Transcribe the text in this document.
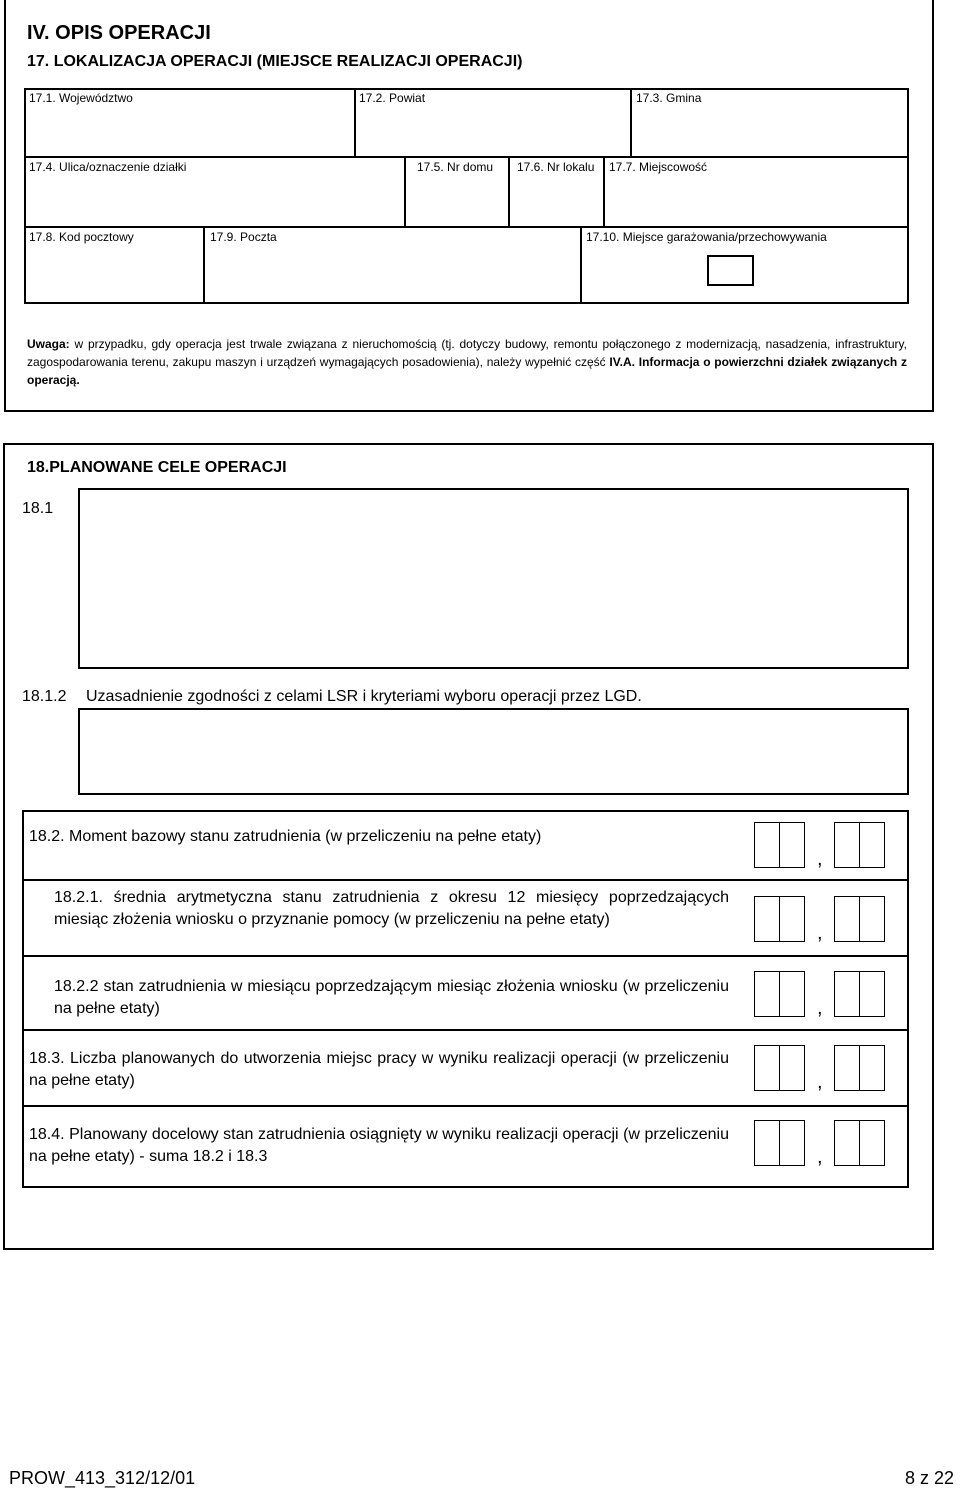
IV. OPIS OPERACJI
17. LOKALIZACJA OPERACJI (MIEJSCE REALIZACJI OPERACJI)
17.1. Województwo	17.2. Powiat	17.3. Gmina
17.4. Ulica/oznaczenie działki	17.5. Nr domu 17.6. Nr lokalu 17.7. Miejscowość
17.8. Kod pocztowy	17.9. Poczta	17.10. Miejsce garażowania/przechowywania
Uwaga: w przypadku, gdy operacja jest trwale związana z nieruchomością (tj. dotyczy budowy, remontu połączonego z modernizacją, nasadzenia, infrastruktury, zagospodarowania terenu, zakupu maszyn i urządzeń wymagających posadowienia), należy wypełnić część IV.A. Informacja o powierzchni działek związanych z operacją.
18.PLANOWANE CELE OPERACJI
18.1
18.1.2 Uzasadnienie zgodności z celami LSR i kryteriami wyboru operacji przez LGD.
18.2. Moment bazowy stanu zatrudnienia (w przeliczeniu na pełne etaty)
18.2.1. średnia arytmetyczna stanu zatrudnienia z okresu 12 miesięcy poprzedzających miesiąc złożenia wniosku o przyznanie pomocy (w przeliczeniu na pełne etaty)
18.2.2 stan zatrudnienia w miesiącu poprzedzającym miesiąc złożenia wniosku (w przeliczeniu na pełne etaty)
18.3. Liczba planowanych do utworzenia miejsc pracy w wyniku realizacji operacji (w przeliczeniu na pełne etaty)
18.4. Planowany docelowy stan zatrudnienia osiągnięty w wyniku realizacji operacji (w przeliczeniu na pełne etaty) - suma 18.2 i 18.3
,
,
,
,
,
PROW_413_312/12/01	8 z 22
